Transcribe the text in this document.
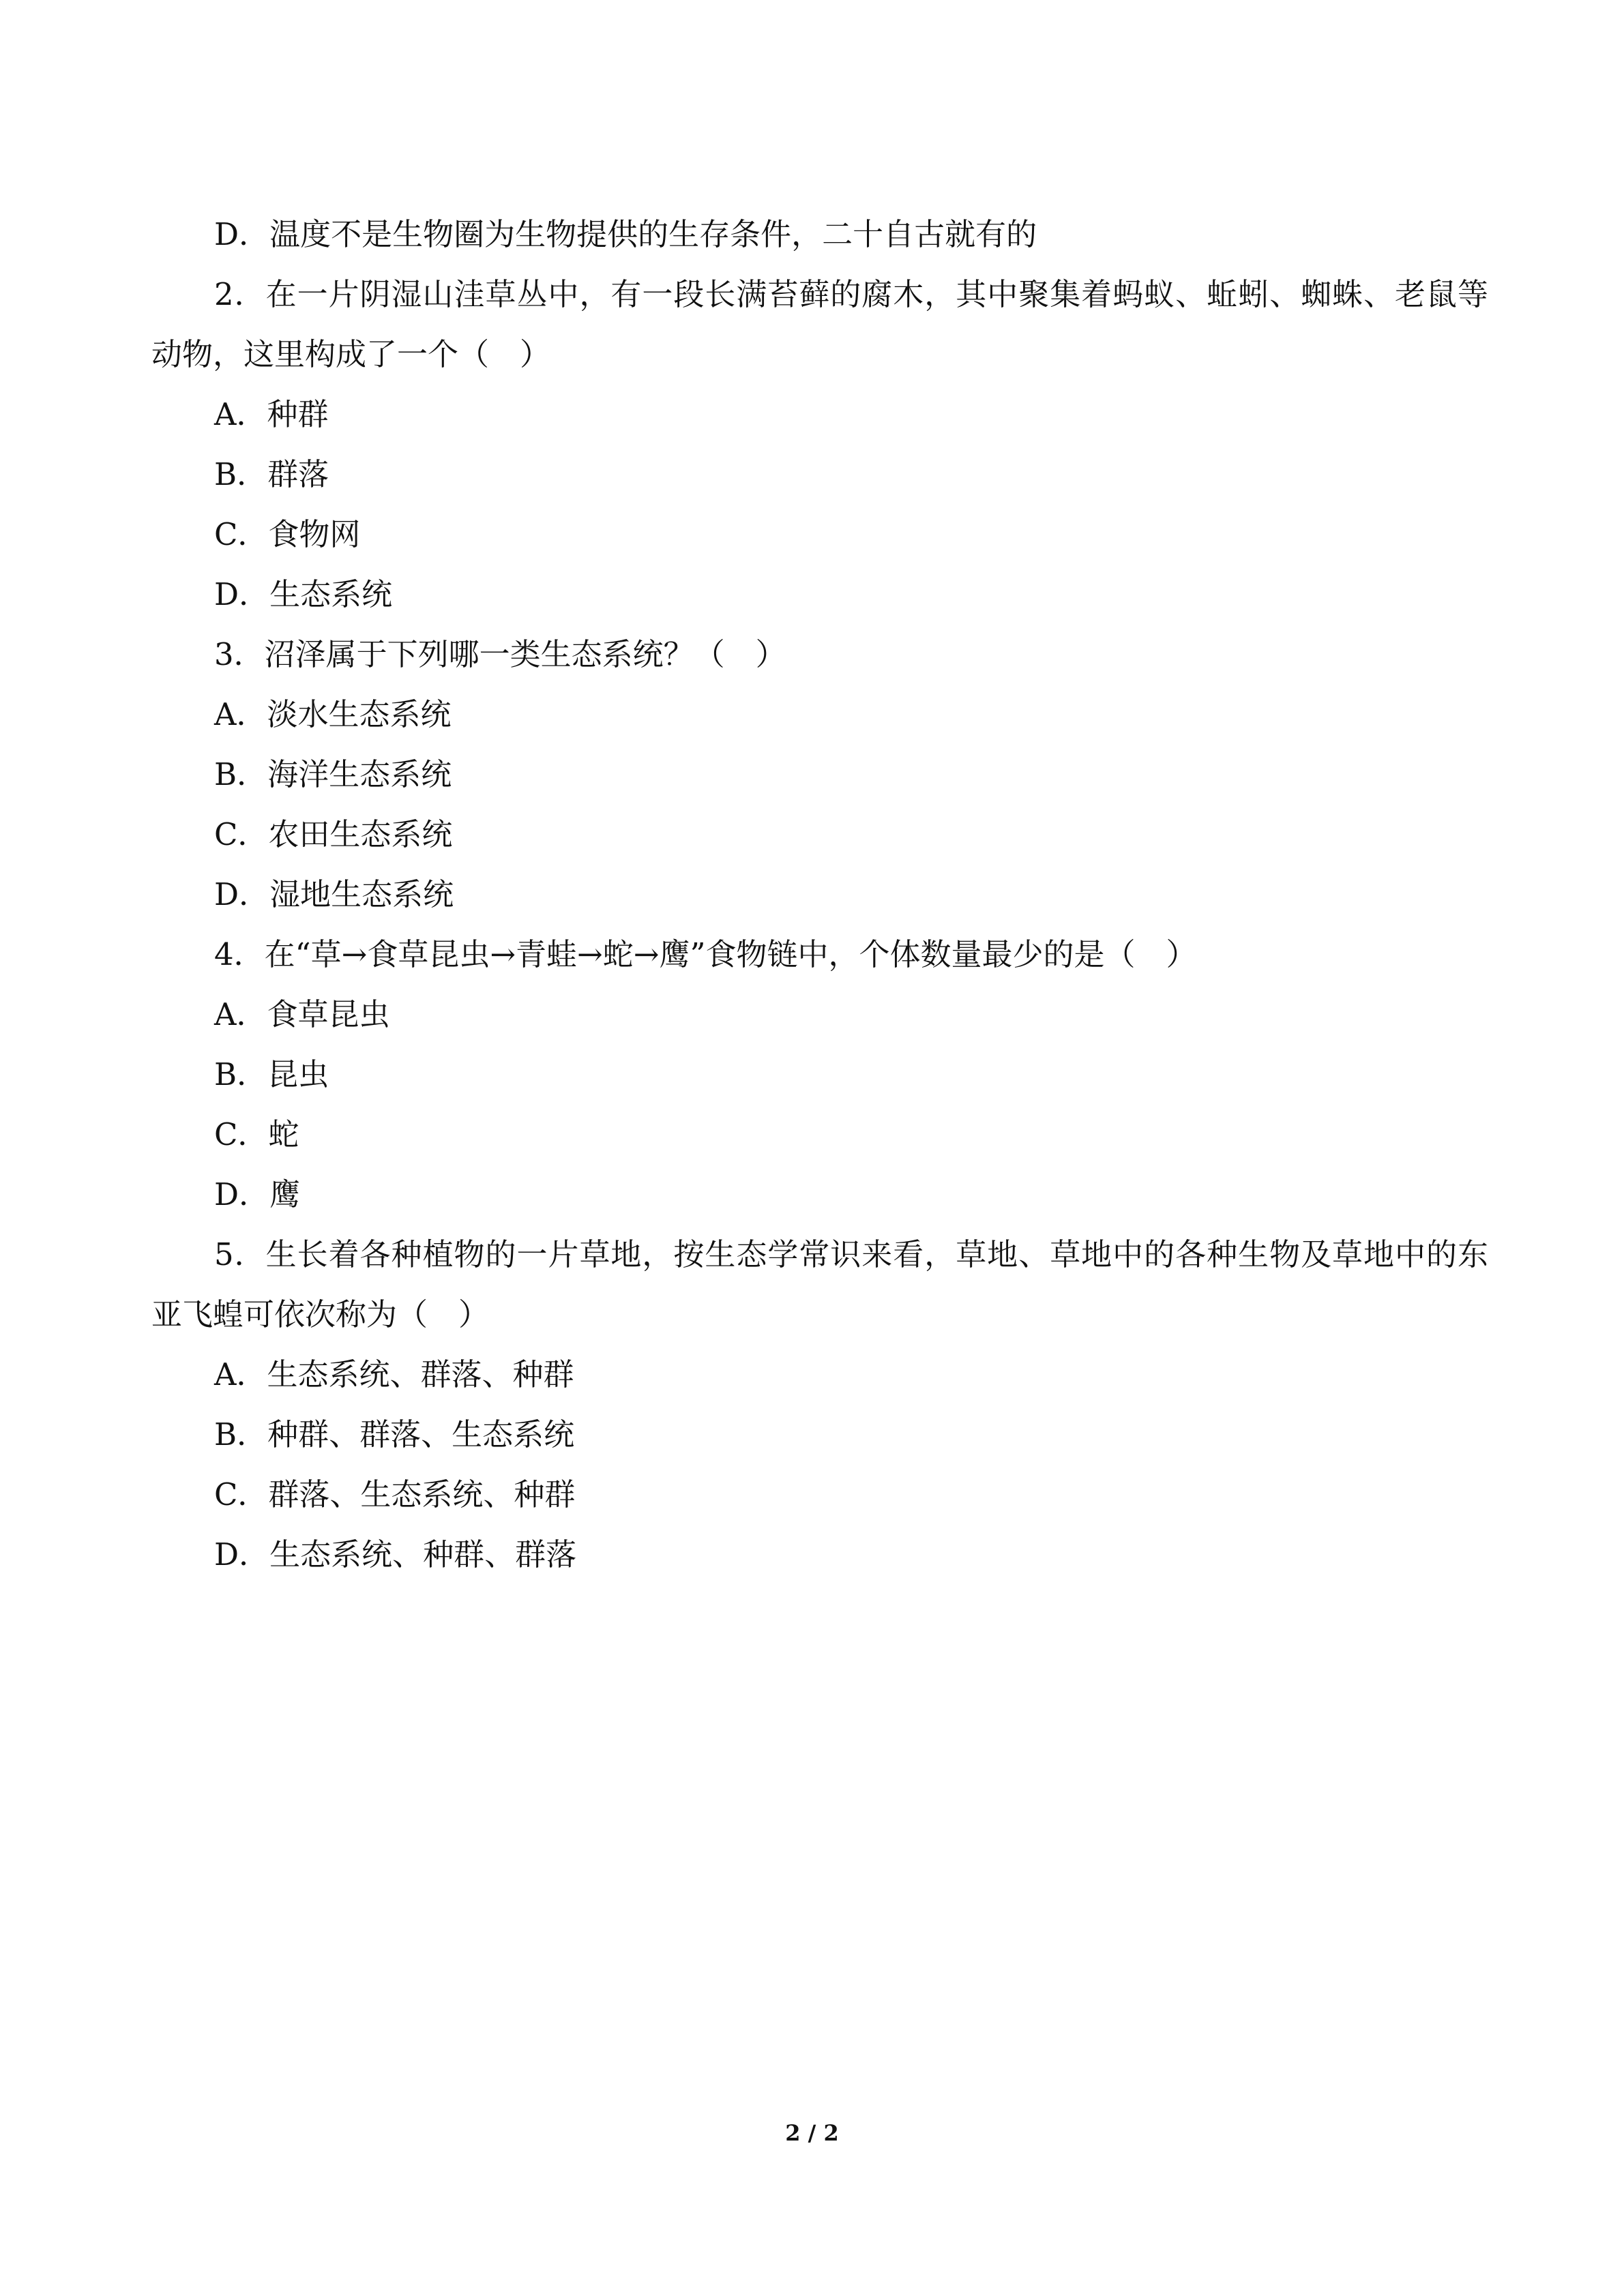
D．温度不是生物圈为生物提供的生存条件，二十自古就有的
2．在一片阴湿山洼草丛中，有一段长满苔藓的腐木，其中聚集着蚂蚁、蚯蚓、蜘蛛、老鼠等动物，这里构成了一个（　）
A．种群
B．群落
C．食物网
D．生态系统
3．沼泽属于下列哪一类生态系统？（　）
A．淡水生态系统
B．海洋生态系统
C．农田生态系统
D．湿地生态系统
4．在“草→食草昆虫→青蛙→蛇→鹰”食物链中，个体数量最少的是（　）
A．食草昆虫
B．昆虫
C．蛇
D．鹰
5．生长着各种植物的一片草地，按生态学常识来看，草地、草地中的各种生物及草地中的东亚飞蝗可依次称为（　）
A．生态系统、群落、种群
B．种群、群落、生态系统
C．群落、生态系统、种群
D．生态系统、种群、群落
2 / 2
